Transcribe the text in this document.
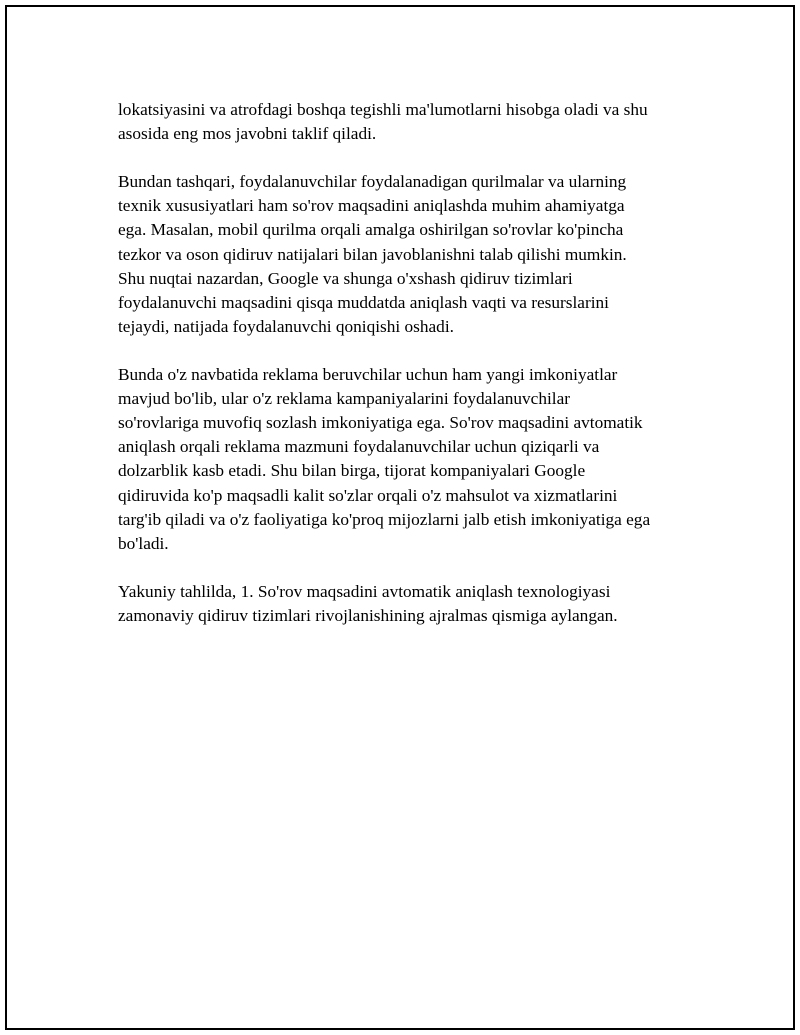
lokatsiyasini va atrofdagi boshqa tegishli ma'lumotlarni hisobga oladi va shu
asosida eng mos javobni taklif qiladi.

Bundan tashqari, foydalanuvchilar foydalanadigan qurilmalar va ularning
texnik xususiyatlari ham so'rov maqsadini aniqlashda muhim ahamiyatga
ega. Masalan, mobil qurilma orqali amalga oshirilgan so'rovlar ko'pincha
tezkor va oson qidiruv natijalari bilan javoblanishni talab qilishi mumkin.
Shu nuqtai nazardan, Google va shunga o'xshash qidiruv tizimlari
foydalanuvchi maqsadini qisqa muddatda aniqlash vaqti va resurslarini
tejaydi, natijada foydalanuvchi qoniqishi oshadi.

Bunda o'z navbatida reklama beruvchilar uchun ham yangi imkoniyatlar
mavjud bo'lib, ular o'z reklama kampaniyalarini foydalanuvchilar
so'rovlariga muvofiq sozlash imkoniyatiga ega. So'rov maqsadini avtomatik
aniqlash orqali reklama mazmuni foydalanuvchilar uchun qiziqarli va
dolzarblik kasb etadi. Shu bilan birga, tijorat kompaniyalari Google
qidiruvida ko'p maqsadli kalit so'zlar orqali o'z mahsulot va xizmatlarini
targ'ib qiladi va o'z faoliyatiga ko'proq mijozlarni jalb etish imkoniyatiga ega
bo'ladi.

Yakuniy tahlilda, 1. So'rov maqsadini avtomatik aniqlash texnologiyasi
zamonaviy qidiruv tizimlari rivojlanishining ajralmas qismiga aylangan.
